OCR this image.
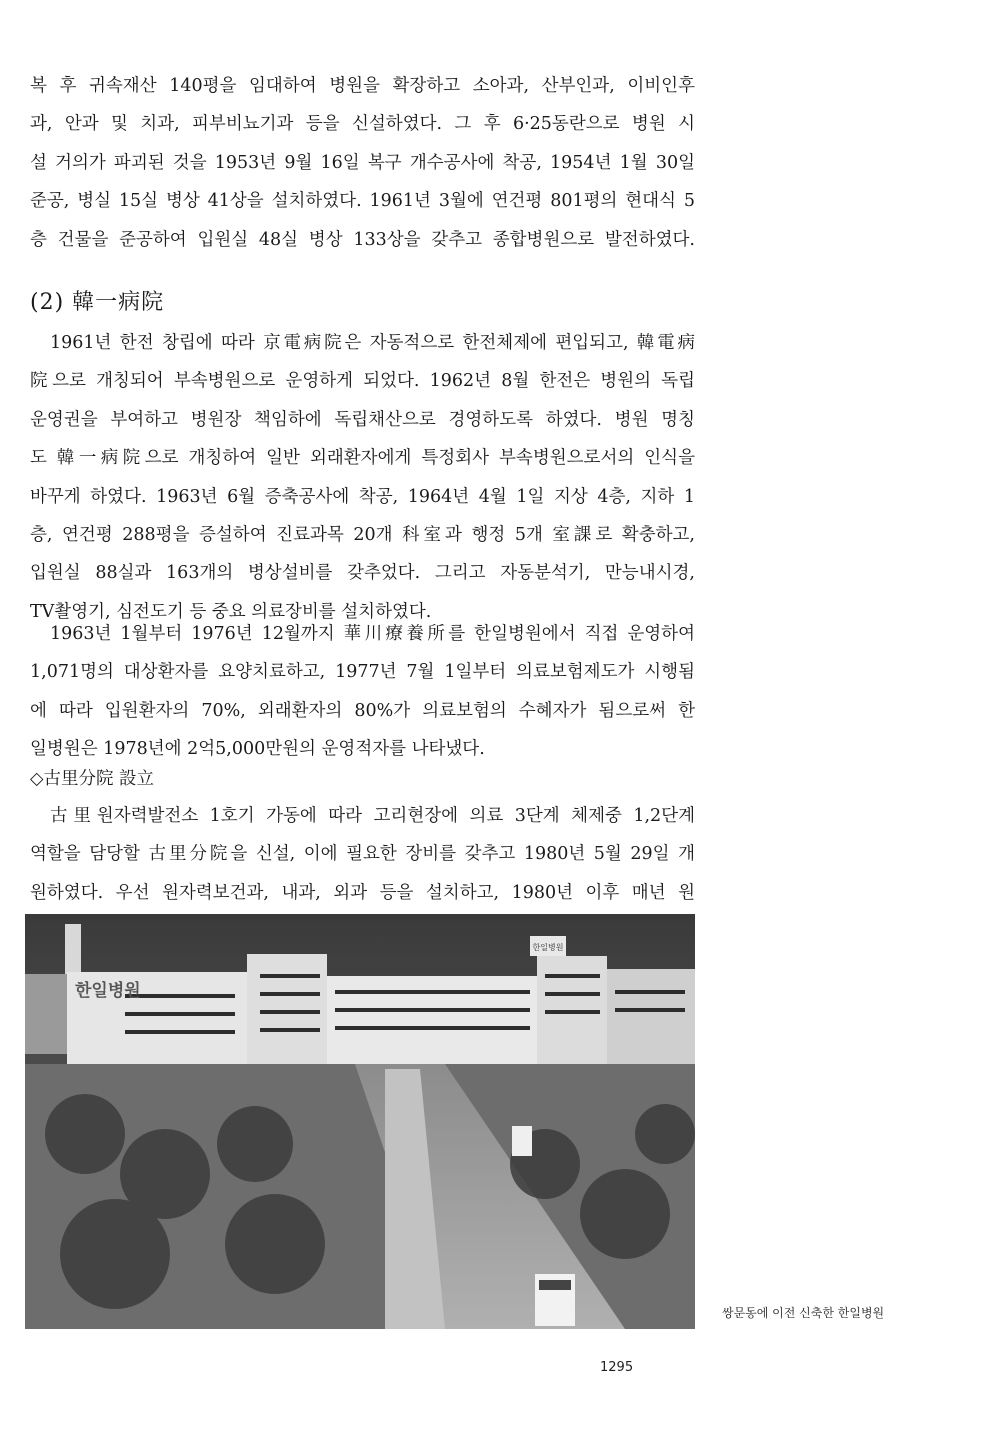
복 후 귀속재산 140평을 임대하여 병원을 확장하고 소아과, 산부인과, 이비인후
과, 안과 및 치과, 피부비뇨기과 등을 신설하였다. 그 후 6·25동란으로 병원 시
설 거의가 파괴된 것을 1953년 9월 16일 복구 개수공사에 착공, 1954년 1월 30일
준공, 병실 15실 병상 41상을 설치하였다. 1961년 3월에 연건평 801평의 현대식 5
층 건물을 준공하여 입원실 48실 병상 133상을 갖추고 종합병원으로 발전하였다.
(2) 韓一病院
1961년 한전 창립에 따라 京電病院은 자동적으로 한전체제에 편입되고, 韓電病
院으로 개칭되어 부속병원으로 운영하게 되었다. 1962년 8월 한전은 병원의 독립
운영권을 부여하고 병원장 책임하에 독립채산으로 경영하도록 하였다. 병원 명칭
도 韓一病院으로 개칭하여 일반 외래환자에게 특정회사 부속병원으로서의 인식을
바꾸게 하였다. 1963년 6월 증축공사에 착공, 1964년 4월 1일 지상 4층, 지하 1
층, 연건평 288평을 증설하여 진료과목 20개 科室과 행정 5개 室課로 확충하고,
입원실 88실과 163개의 병상설비를 갖추었다. 그리고 자동분석기, 만능내시경,
TV촬영기, 심전도기 등 중요 의료장비를 설치하였다.
1963년 1월부터 1976년 12월까지 華川療養所를 한일병원에서 직접 운영하여
1,071명의 대상환자를 요양치료하고, 1977년 7월 1일부터 의료보험제도가 시행됨
에 따라 입원환자의 70%, 외래환자의 80%가 의료보험의 수혜자가 됨으로써 한
일병원은 1978년에 2억5,000만원의 운영적자를 나타냈다.
◇古里分院 設立
古里원자력발전소 1호기 가동에 따라 고리현장에 의료 3단계 체제중 1,2단계
역할을 담당할 古里分院을 신설, 이에 필요한 장비를 갖추고 1980년 5월 29일 개
원하였다. 우선 원자력보건과, 내과, 외과 등을 설치하고, 1980년 이후 매년 원
한일병원
한일병원
쌍문동에 이전 신축한 한일병원
1295
